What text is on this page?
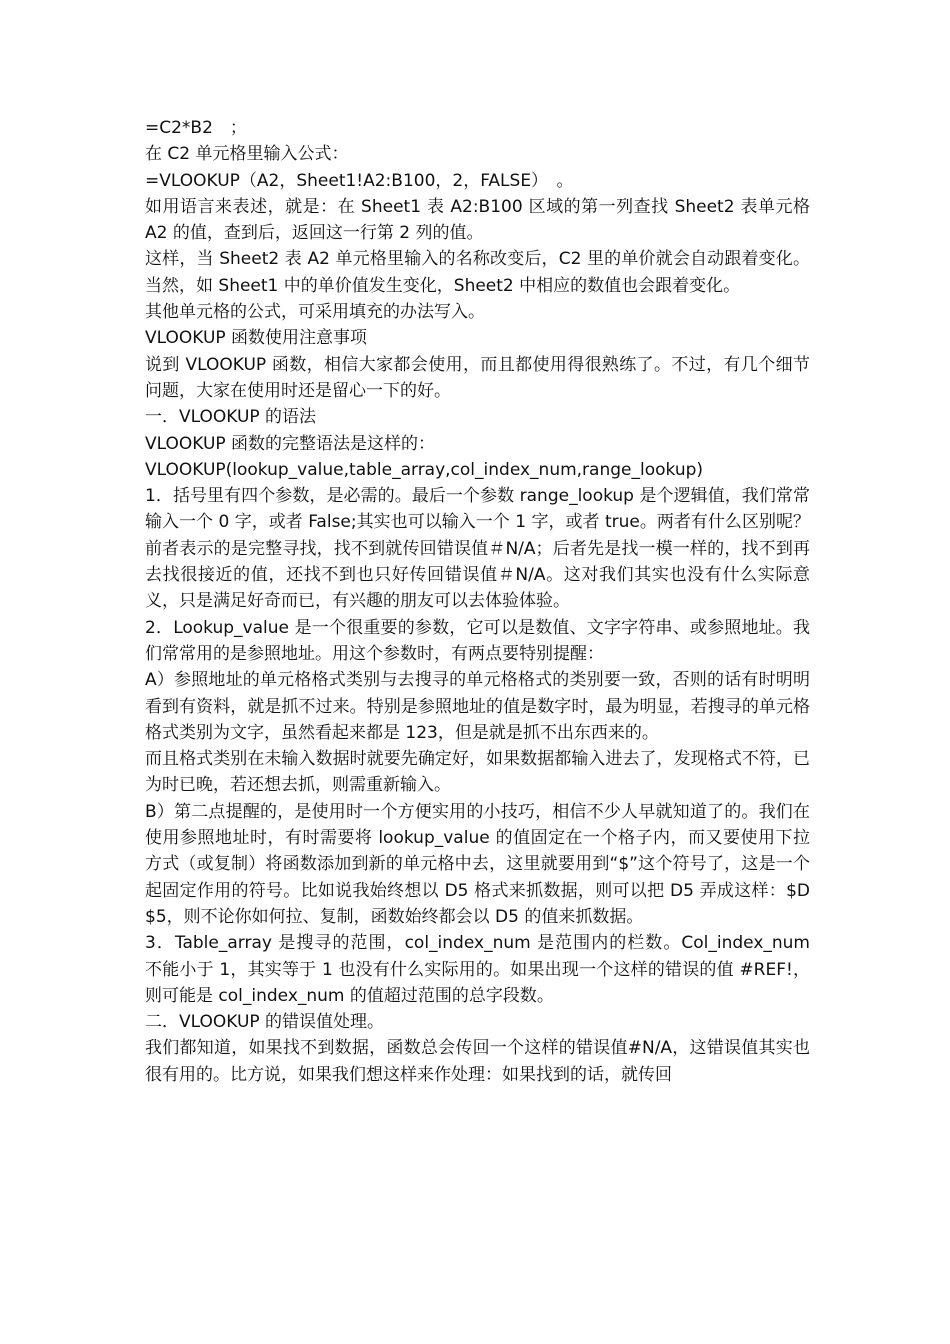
=C2*B2　；

在 C2 单元格里输入公式：

=VLOOKUP（A2，Sheet1!A2:B100，2，FALSE）　。

如用语言来表述，就是：在 Sheet1 表 A2:B100 区域的第一列查找 Sheet2 表单元格 A2 的值，查到后，返回这一行第 2 列的值。

这样，当 Sheet2 表 A2 单元格里输入的名称改变后，C2 里的单价就会自动跟着变化。当然，如 Sheet1 中的单价值发生变化，Sheet2 中相应的数值也会跟着变化。

其他单元格的公式，可采用填充的办法写入。

VLOOKUP 函数使用注意事项

说到 VLOOKUP 函数，相信大家都会使用，而且都使用得很熟练了。不过，有几个细节问题，大家在使用时还是留心一下的好。

一．VLOOKUP 的语法

VLOOKUP 函数的完整语法是这样的：

VLOOKUP(lookup_value,table_array,col_index_num,range_lookup)

1．括号里有四个参数，是必需的。最后一个参数 range_lookup 是个逻辑值，我们常常输入一个 0 字，或者 False;其实也可以输入一个 1 字，或者 true。两者有什么区别呢？前者表示的是完整寻找，找不到就传回错误值＃N/A；后者先是找一模一样的，找不到再去找很接近的值，还找不到也只好传回错误值＃N/A。这对我们其实也没有什么实际意义，只是满足好奇而已，有兴趣的朋友可以去体验体验。

2．Lookup_value 是一个很重要的参数，它可以是数值、文字字符串、或参照地址。我们常常用的是参照地址。用这个参数时，有两点要特别提醒：

A）参照地址的单元格格式类别与去搜寻的单元格格式的类别要一致，否则的话有时明明看到有资料，就是抓不过来。特别是参照地址的值是数字时，最为明显，若搜寻的单元格格式类别为文字，虽然看起来都是 123，但是就是抓不出东西来的。

而且格式类别在未输入数据时就要先确定好，如果数据都输入进去了，发现格式不符，已为时已晚，若还想去抓，则需重新输入。

B）第二点提醒的，是使用时一个方便实用的小技巧，相信不少人早就知道了的。我们在使用参照地址时，有时需要将 lookup_value 的值固定在一个格子内，而又要使用下拉方式（或复制）将函数添加到新的单元格中去，这里就要用到“$”这个符号了，这是一个起固定作用的符号。比如说我始终想以 D5 格式来抓数据，则可以把 D5 弄成这样：$D$5，则不论你如何拉、复制，函数始终都会以 D5 的值来抓数据。

3．Table_array 是搜寻的范围，col_index_num 是范围内的栏数。Col_index_num 不能小于 1，其实等于 1 也没有什么实际用的。如果出现一个这样的错误的值 #REF!，则可能是 col_index_num 的值超过范围的总字段数。

二．VLOOKUP 的错误值处理。

我们都知道，如果找不到数据，函数总会传回一个这样的错误值#N/A，这错误值其实也很有用的。比方说，如果我们想这样来作处理：如果找到的话，就传回
